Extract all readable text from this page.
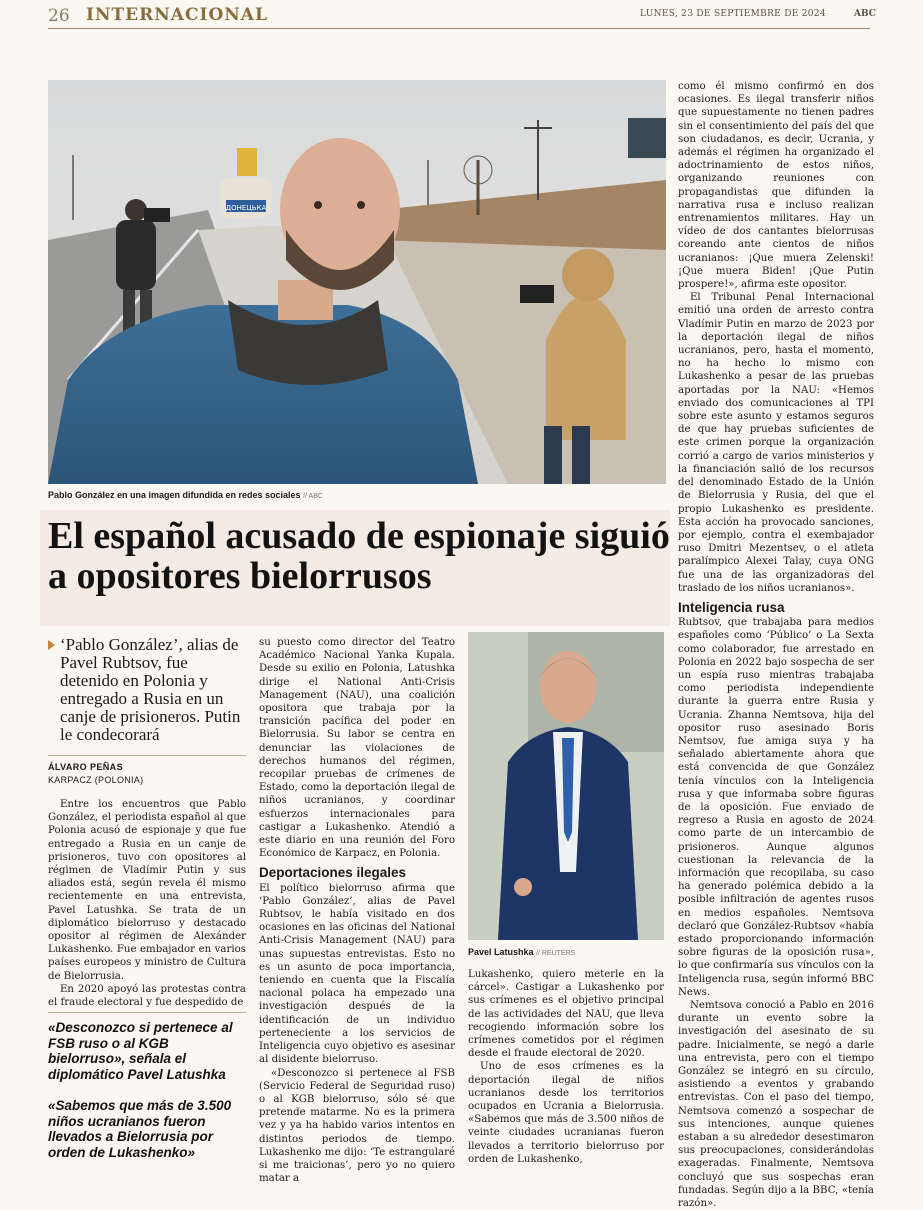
26 INTERNACIONAL	LUNES, 23 DE SEPTIEMBRE DE 2024	ABC
ДОНЕЦЬКА
Pablo González en una imagen difundida en redes sociales // ABC
El español acusado de espionaje siguió a opositores bielorrusos
‘Pablo González’, alias de Pavel Rubtsov, fue detenido en Polonia y entregado a Rusia en un canje de prisioneros. Putin le condecorará
ÁLVARO PEÑAS
KARPACZ (POLONIA)

Entre los encuentros que Pablo González, el periodista español al que Polonia acusó de espionaje y que fue entregado a Rusia en un canje de prisioneros, tuvo con opositores al régimen de Vladímir Putin y sus aliados está, según revela él mismo recientemente en una entrevista, Pavel Latushka. Se trata de un diplomático bielorruso y destacado opositor al régimen de Alexánder Lukashenko. Fue embajador en varios países europeos y ministro de Cultura de Bielorrusia.

En 2020 apoyó las protestas contra el fraude electoral y fue despedido de

«Desconozco si pertenece al FSB ruso o al KGB bielorruso», señala el diplomático Pavel Latushka
«Sabemos que más de 3.500 niños ucranianos fueron llevados a Bielorrusia por orden de Lukashenko»

su puesto como director del Teatro Académico Nacional Yanka Kupala. Desde su exilio en Polonia, Latushka dirige el National Anti-Crisis Management (NAU), una coalición opositora que trabaja por la transición pacífica del poder en Bielorrusia. Su labor se centra en denunciar las violaciones de derechos humanos del régimen, recopilar pruebas de crímenes de Estado, como la deportación ilegal de niños ucranianos, y coordinar esfuerzos internacionales para castigar a Lukashenko. Atendió a este diario en una reunión del Foro Económico de Karpacz, en Polonia.

Deportaciones ilegales

El político bielorruso afirma que ‘Pablo González’, alias de Pavel Rubtsov, le había visitado en dos ocasiones en las oficinas del National Anti-Crisis Management (NAU) para unas supuestas entrevistas. Esto no es un asunto de poca importancia, teniendo en cuenta que la Fiscalía nacional polaca ha empezado una investigación después de la identificación de un individuo perteneciente a los servicios de Inteligencia cuyo objetivo es asesinar al disidente bielorruso.

«Desconozco si pertenece al FSB (Servicio Federal de Seguridad ruso) o al KGB bielorruso, sólo sé que pretende matarme. No es la primera vez y ya ha habido varios intentos en distintos periodos de tiempo. Lukashenko me dijo: ‘Te estrangularé si me traicionas’, pero yo no quiero matar a

Pavel Latushka // REUTERS

Lukashenko, quiero meterle en la cárcel». Castigar a Lukashenko por sus crímenes es el objetivo principal de las actividades del NAU, que lleva recogiendo información sobre los crímenes cometidos por el régimen desde el fraude electoral de 2020.

Uno de esos crímenes es la deportación ilegal de niños ucranianos desde los territorios ocupados en Ucrania a Bielorrusia. «Sabemos que más de 3.500 niños de veinte ciudades ucranianas fueron llevados a territorio bielorruso por orden de Lukashenko,

como él mismo confirmó en dos ocasiones. Es ilegal transferir niños que supuestamente no tienen padres sin el consentimiento del país del que son ciudadanos, es decir, Ucrania, y además el régimen ha organizado el adoctrinamiento de estos niños, organizando reuniones con propagandistas que difunden la narrativa rusa e incluso realizan entrenamientos militares. Hay un vídeo de dos cantantes bielorrusas coreando ante cientos de niños ucranianos: ¡Que muera Zelenski! ¡Que muera Biden! ¡Que Putin prospere!», afirma este opositor.

El Tribunal Penal Internacional emitió una orden de arresto contra Vladímir Putin en marzo de 2023 por la deportación ilegal de niños ucranianos, pero, hasta el momento, no ha hecho lo mismo con Lukashenko a pesar de las pruebas aportadas por la NAU: «Hemos enviado dos comunicaciones al TPI sobre este asunto y estamos seguros de que hay pruebas suficientes de este crimen porque la organización corrió a cargo de varios ministerios y la financiación salió de los recursos del denominado Estado de la Unión de Bielorrusia y Rusia, del que el propio Lukashenko es presidente. Esta acción ha provocado sanciones, por ejemplo, contra el exembajador ruso Dmitri Mezentsev, o el atleta paralímpico Alexei Talay, cuya ONG fue una de las organizadoras del traslado de los niños ucranianos».

Inteligencia rusa

Rubtsov, que trabajaba para medios españoles como ‘Público’ o La Sexta como colaborador, fue arrestado en Polonia en 2022 bajo sospecha de ser un espía ruso mientras trabajaba como periodista independiente durante la guerra entre Rusia y Ucrania. Zhanna Nemtsova, hija del opositor ruso asesinado Boris Nemtsov, fue amiga suya y ha señalado abiertamente ahora que está convencida de que González tenía vínculos con la Inteligencia rusa y que informaba sobre figuras de la oposición. Fue enviado de regreso a Rusia en agosto de 2024 como parte de un intercambio de prisioneros. Aunque algunos cuestionan la relevancia de la información que recopilaba, su caso ha generado polémica debido a la posible infiltración de agentes rusos en medios españoles. Nemtsova declaró que González-Rubtsov «había estado proporcionando información sobre figuras de la oposición rusa», lo que confirmaría sus vínculos con la Inteligencia rusa, según informó BBC News.

Nemtsova conoció a Pablo en 2016 durante un evento sobre la investigación del asesinato de su padre. Inicialmente, se negó a darle una entrevista, pero con el tiempo González se integró en su círculo, asistiendo a eventos y grabando entrevistas. Con el paso del tiempo, Nemtsova comenzó a sospechar de sus intenciones, aunque quienes estaban a su alrededor desestimaron sus preocupaciones, considerándolas exageradas. Finalmente, Nemtsova concluyó que sus sospechas eran fundadas. Según dijo a la BBC, «tenía razón».
